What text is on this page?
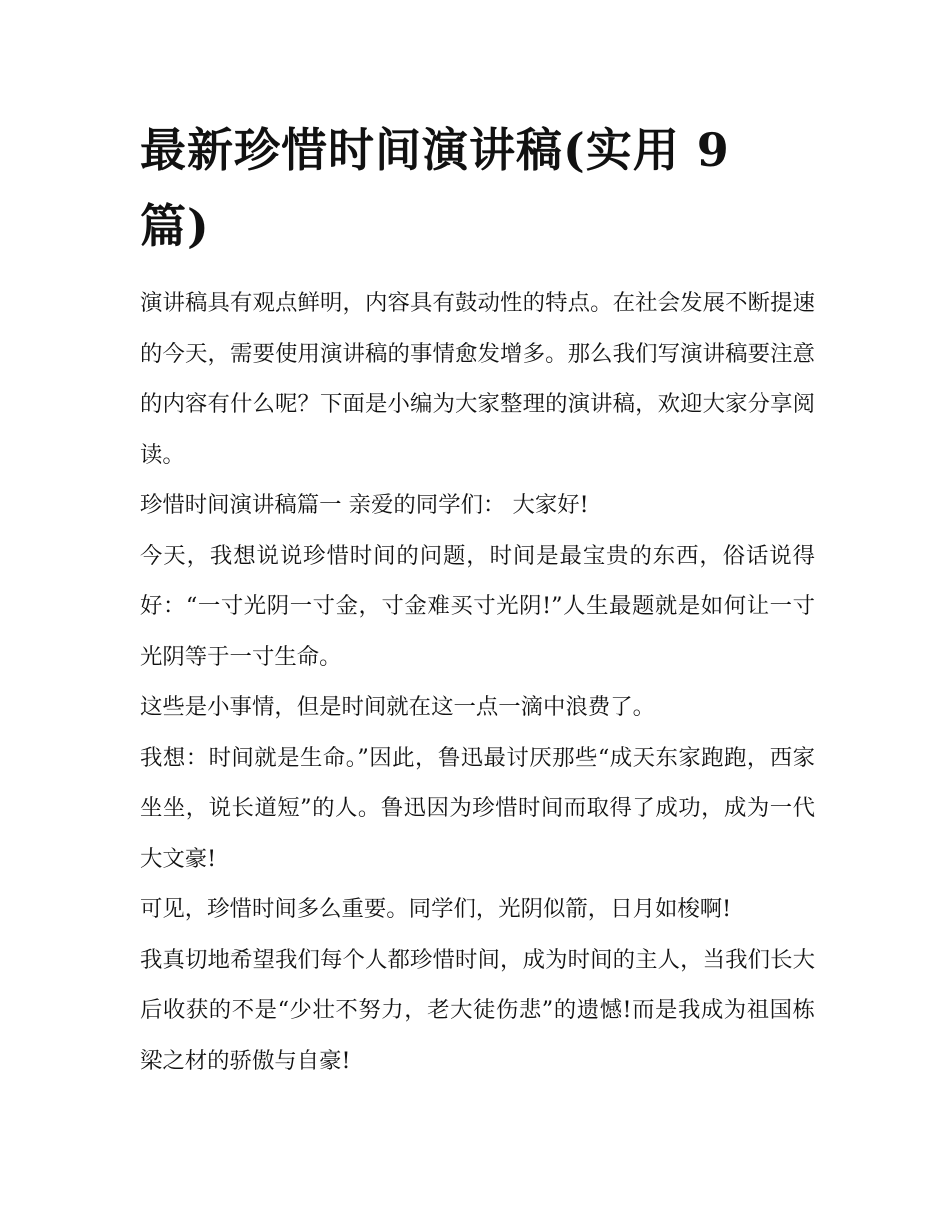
最新珍惜时间演讲稿(实用 9 篇)

演讲稿具有观点鲜明，内容具有鼓动性的特点。在社会发展不断提速的今天，需要使用演讲稿的事情愈发增多。那么我们写演讲稿要注意的内容有什么呢？下面是小编为大家整理的演讲稿，欢迎大家分享阅读。

珍惜时间演讲稿篇一 亲爱的同学们： 大家好!

今天，我想说说珍惜时间的问题，时间是最宝贵的东西，俗话说得好：“一寸光阴一寸金，寸金难买寸光阴!”人生最题就是如何让一寸光阴等于一寸生命。

这些是小事情，但是时间就在这一点一滴中浪费了。

我想：时间就是生命。”因此，鲁迅最讨厌那些“成天东家跑跑，西家坐坐，说长道短”的人。鲁迅因为珍惜时间而取得了成功，成为一代大文豪!

可见，珍惜时间多么重要。同学们，光阴似箭，日月如梭啊!

我真切地希望我们每个人都珍惜时间，成为时间的主人，当我们长大后收获的不是“少壮不努力，老大徒伤悲”的遗憾!而是我成为祖国栋梁之材的骄傲与自豪!
